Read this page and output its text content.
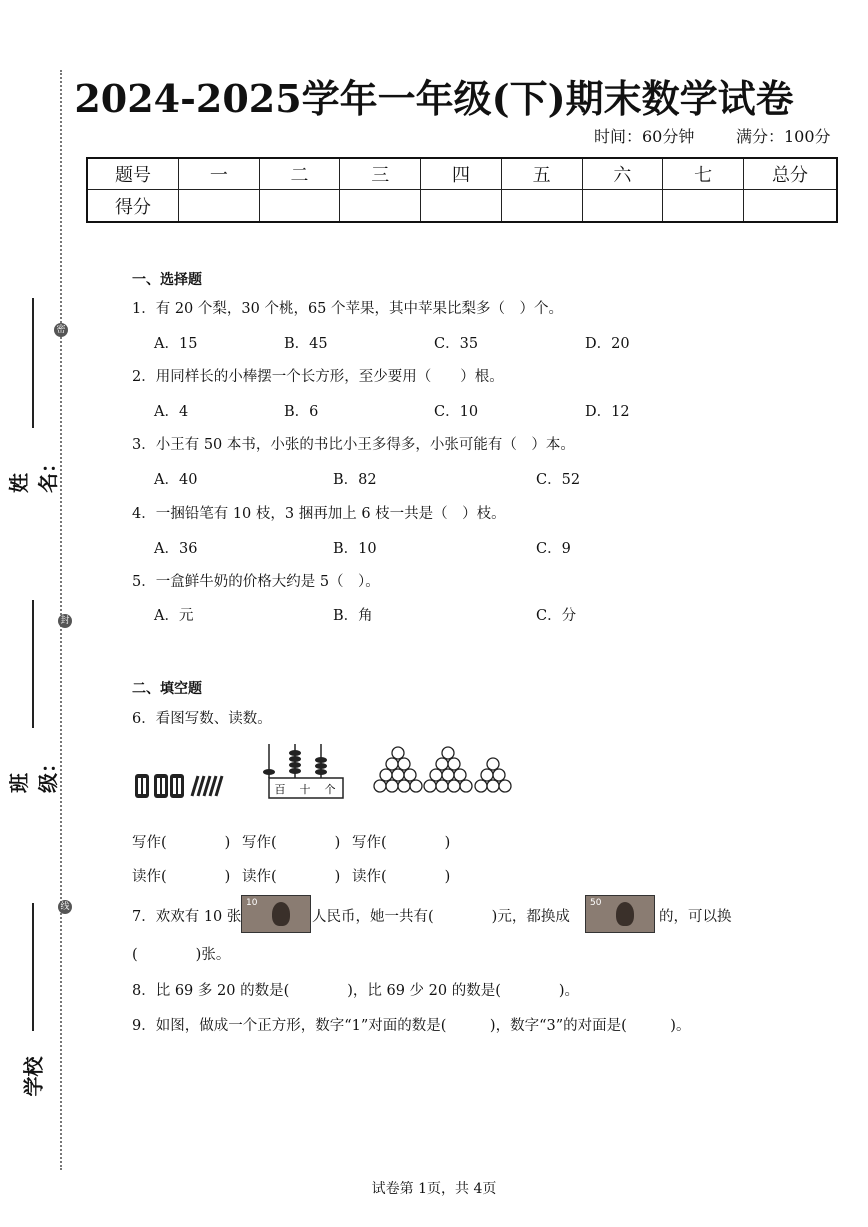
2024-2025学年一年级(下)期末数学试卷
时间：60分钟	满分：100分
题号	一	二	三	四	五	六	七	总分
得分								
姓名：
密
封
线
班级：
学校
一、选择题
1．有 20 个梨，30 个桃，65 个苹果，其中苹果比梨多（　）个。
A．15	B．45	C．35	D．20
2．用同样长的小棒摆一个长方形，至少要用（　　）根。
A．4	B．6	C．10	D．12
3．小王有 50 本书，小张的书比小王多得多，小张可能有（　）本。
A．40	B．82	C．52
4．一捆铅笔有 10 枝，3 捆再加上 6 枝一共是（　）枝。
A．36	B．10	C．9
5．一盒鲜牛奶的价格大约是 5（　）。
A．元	B．角	C．分
二、填空题
6．看图写数、读数。
百 十 个
写作(　　　　) 写作(　　　　) 写作(　　　　)
读作(　　　　) 读作(　　　　) 读作(　　　　)
7．欢欢有 10 张
10
人民币，她一共有(　　　　)元，都换成
50
的，可以换
(　　　　)张。
8．比 69 多 20 的数是(　　　　)，比 69 少 20 的数是(　　　　)。
9．如图，做成一个正方形，数字“1”对面的数是(　　　)，数字“3”的对面是(　　　)。
试卷第 1页，共 4页
